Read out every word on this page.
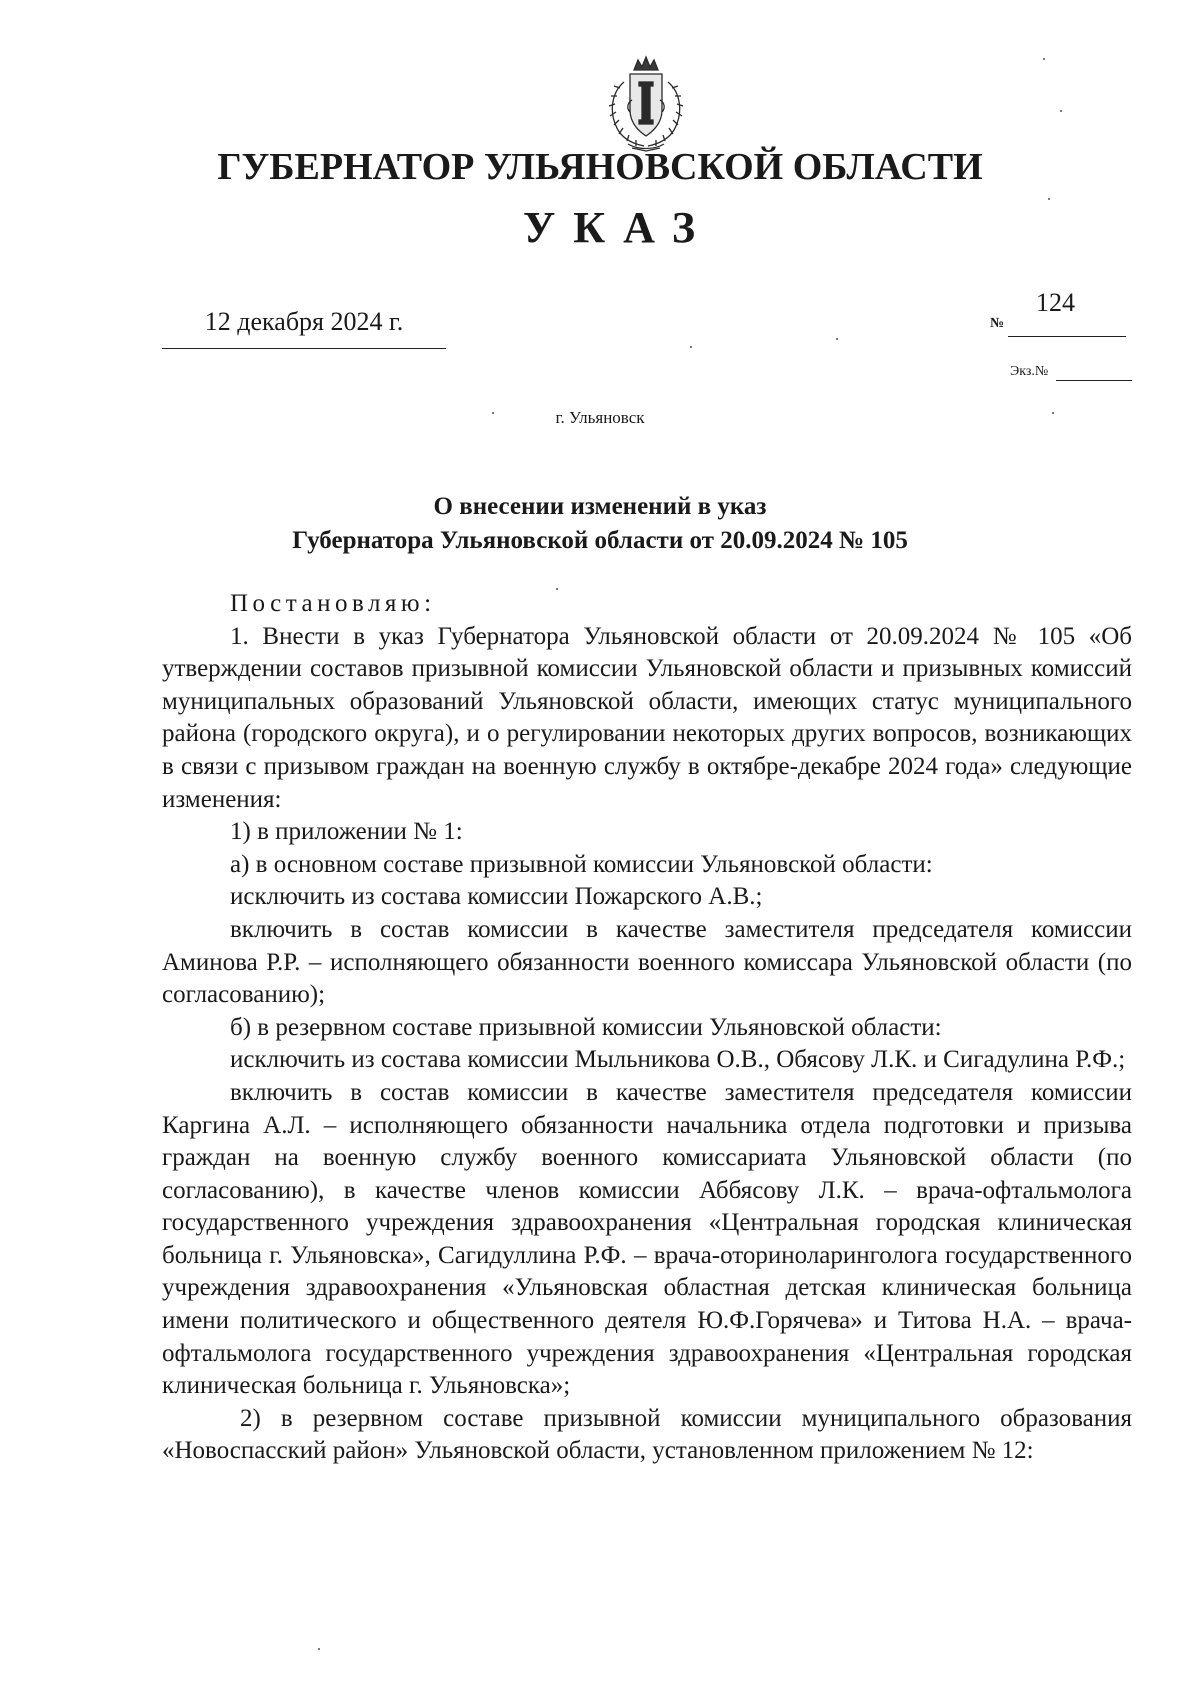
ГУБЕРНАТОР УЛЬЯНОВСКОЙ ОБЛАСТИ
УКАЗ
12 декабря 2024 г.
124
№
Экз.№
г. Ульяновск
О внесении изменений в указ
Губернатора Ульяновской области от 20.09.2024 № 105

Постановляю:

1. Внести в указ Губернатора Ульяновской области от 20.09.2024 № 105 «Об утверждении составов призывной комиссии Ульяновской области и призывных комиссий муниципальных образований Ульяновской области, имеющих статус муниципального района (городского округа), и о регулировании некоторых других вопросов, возникающих в связи с призывом граждан на военную службу в октябре-декабре 2024 года» следующие изменения:

1) в приложении № 1:

а) в основном составе призывной комиссии Ульяновской области:

исключить из состава комиссии Пожарского А.В.;

включить в состав комиссии в качестве заместителя председателя комиссии Аминова Р.Р. – исполняющего обязанности военного комиссара Ульяновской области (по согласованию);

б) в резервном составе призывной комиссии Ульяновской области:

исключить из состава комиссии Мыльникова О.В., Обясову Л.К. и Сигадулина Р.Ф.;

включить в состав комиссии в качестве заместителя председателя комиссии Каргина А.Л. – исполняющего обязанности начальника отдела подготовки и призыва граждан на военную службу военного комиссариата Ульяновской области (по согласованию), в качестве членов комиссии Аббясову Л.К. – врача-офтальмолога государственного учреждения здравоохранения «Центральная городская клиническая больница г. Ульяновска», Сагидуллина Р.Ф. – врача-оториноларинголога государственного учреждения здравоохранения «Ульяновская областная детская клиническая больница имени политического и общественного деятеля Ю.Ф.Горячева» и Титова Н.А. – врача-офтальмолога государственного учреждения здравоохранения «Центральная городская клиническая больница г. Ульяновска»;

2) в резервном составе призывной комиссии муниципального образования «Новоспасский район» Ульяновской области, установленном приложением № 12:
